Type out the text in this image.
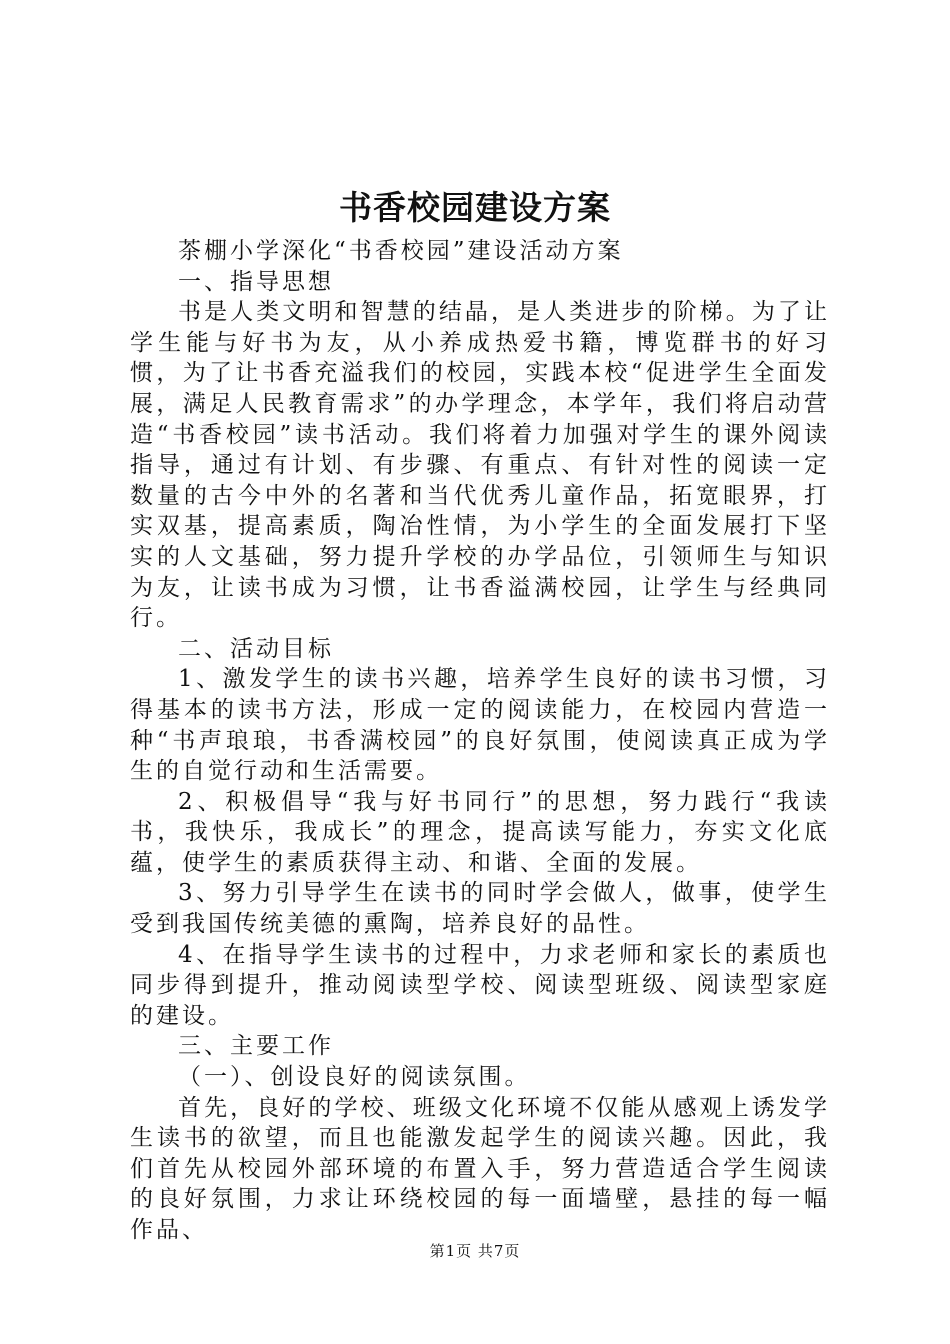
书香校园建设方案

茶棚小学深化“书香校园”建设活动方案

一、指导思想

书是人类文明和智慧的结晶，是人类进步的阶梯。为了让学生能与好书为友，从小养成热爱书籍，博览群书的好习惯，为了让书香充溢我们的校园，实践本校“促进学生全面发展，满足人民教育需求”的办学理念，本学年，我们将启动营造“书香校园”读书活动。我们将着力加强对学生的课外阅读指导，通过有计划、有步骤、有重点、有针对性的阅读一定数量的古今中外的名著和当代优秀儿童作品，拓宽眼界，打实双基，提高素质，陶冶性情，为小学生的全面发展打下坚实的人文基础，努力提升学校的办学品位，引领师生与知识为友，让读书成为习惯，让书香溢满校园，让学生与经典同行。

二、活动目标

1、激发学生的读书兴趣，培养学生良好的读书习惯，习得基本的读书方法，形成一定的阅读能力，在校园内营造一种“书声琅琅，书香满校园”的良好氛围，使阅读真正成为学生的自觉行动和生活需要。

2、积极倡导“我与好书同行”的思想，努力践行“我读书，我快乐，我成长”的理念，提高读写能力，夯实文化底蕴，使学生的素质获得主动、和谐、全面的发展。

3、努力引导学生在读书的同时学会做人，做事，使学生受到我国传统美德的熏陶，培养良好的品性。

4、在指导学生读书的过程中，力求老师和家长的素质也同步得到提升，推动阅读型学校、阅读型班级、阅读型家庭的建设。

三、主要工作

（一）、创设良好的阅读氛围。

首先，良好的学校、班级文化环境不仅能从感观上诱发学生读书的欲望，而且也能激发起学生的阅读兴趣。因此，我们首先从校园外部环境的布置入手，努力营造适合学生阅读的良好氛围，力求让环绕校园的每一面墙壁，悬挂的每一幅作品、

第1页 共7页
